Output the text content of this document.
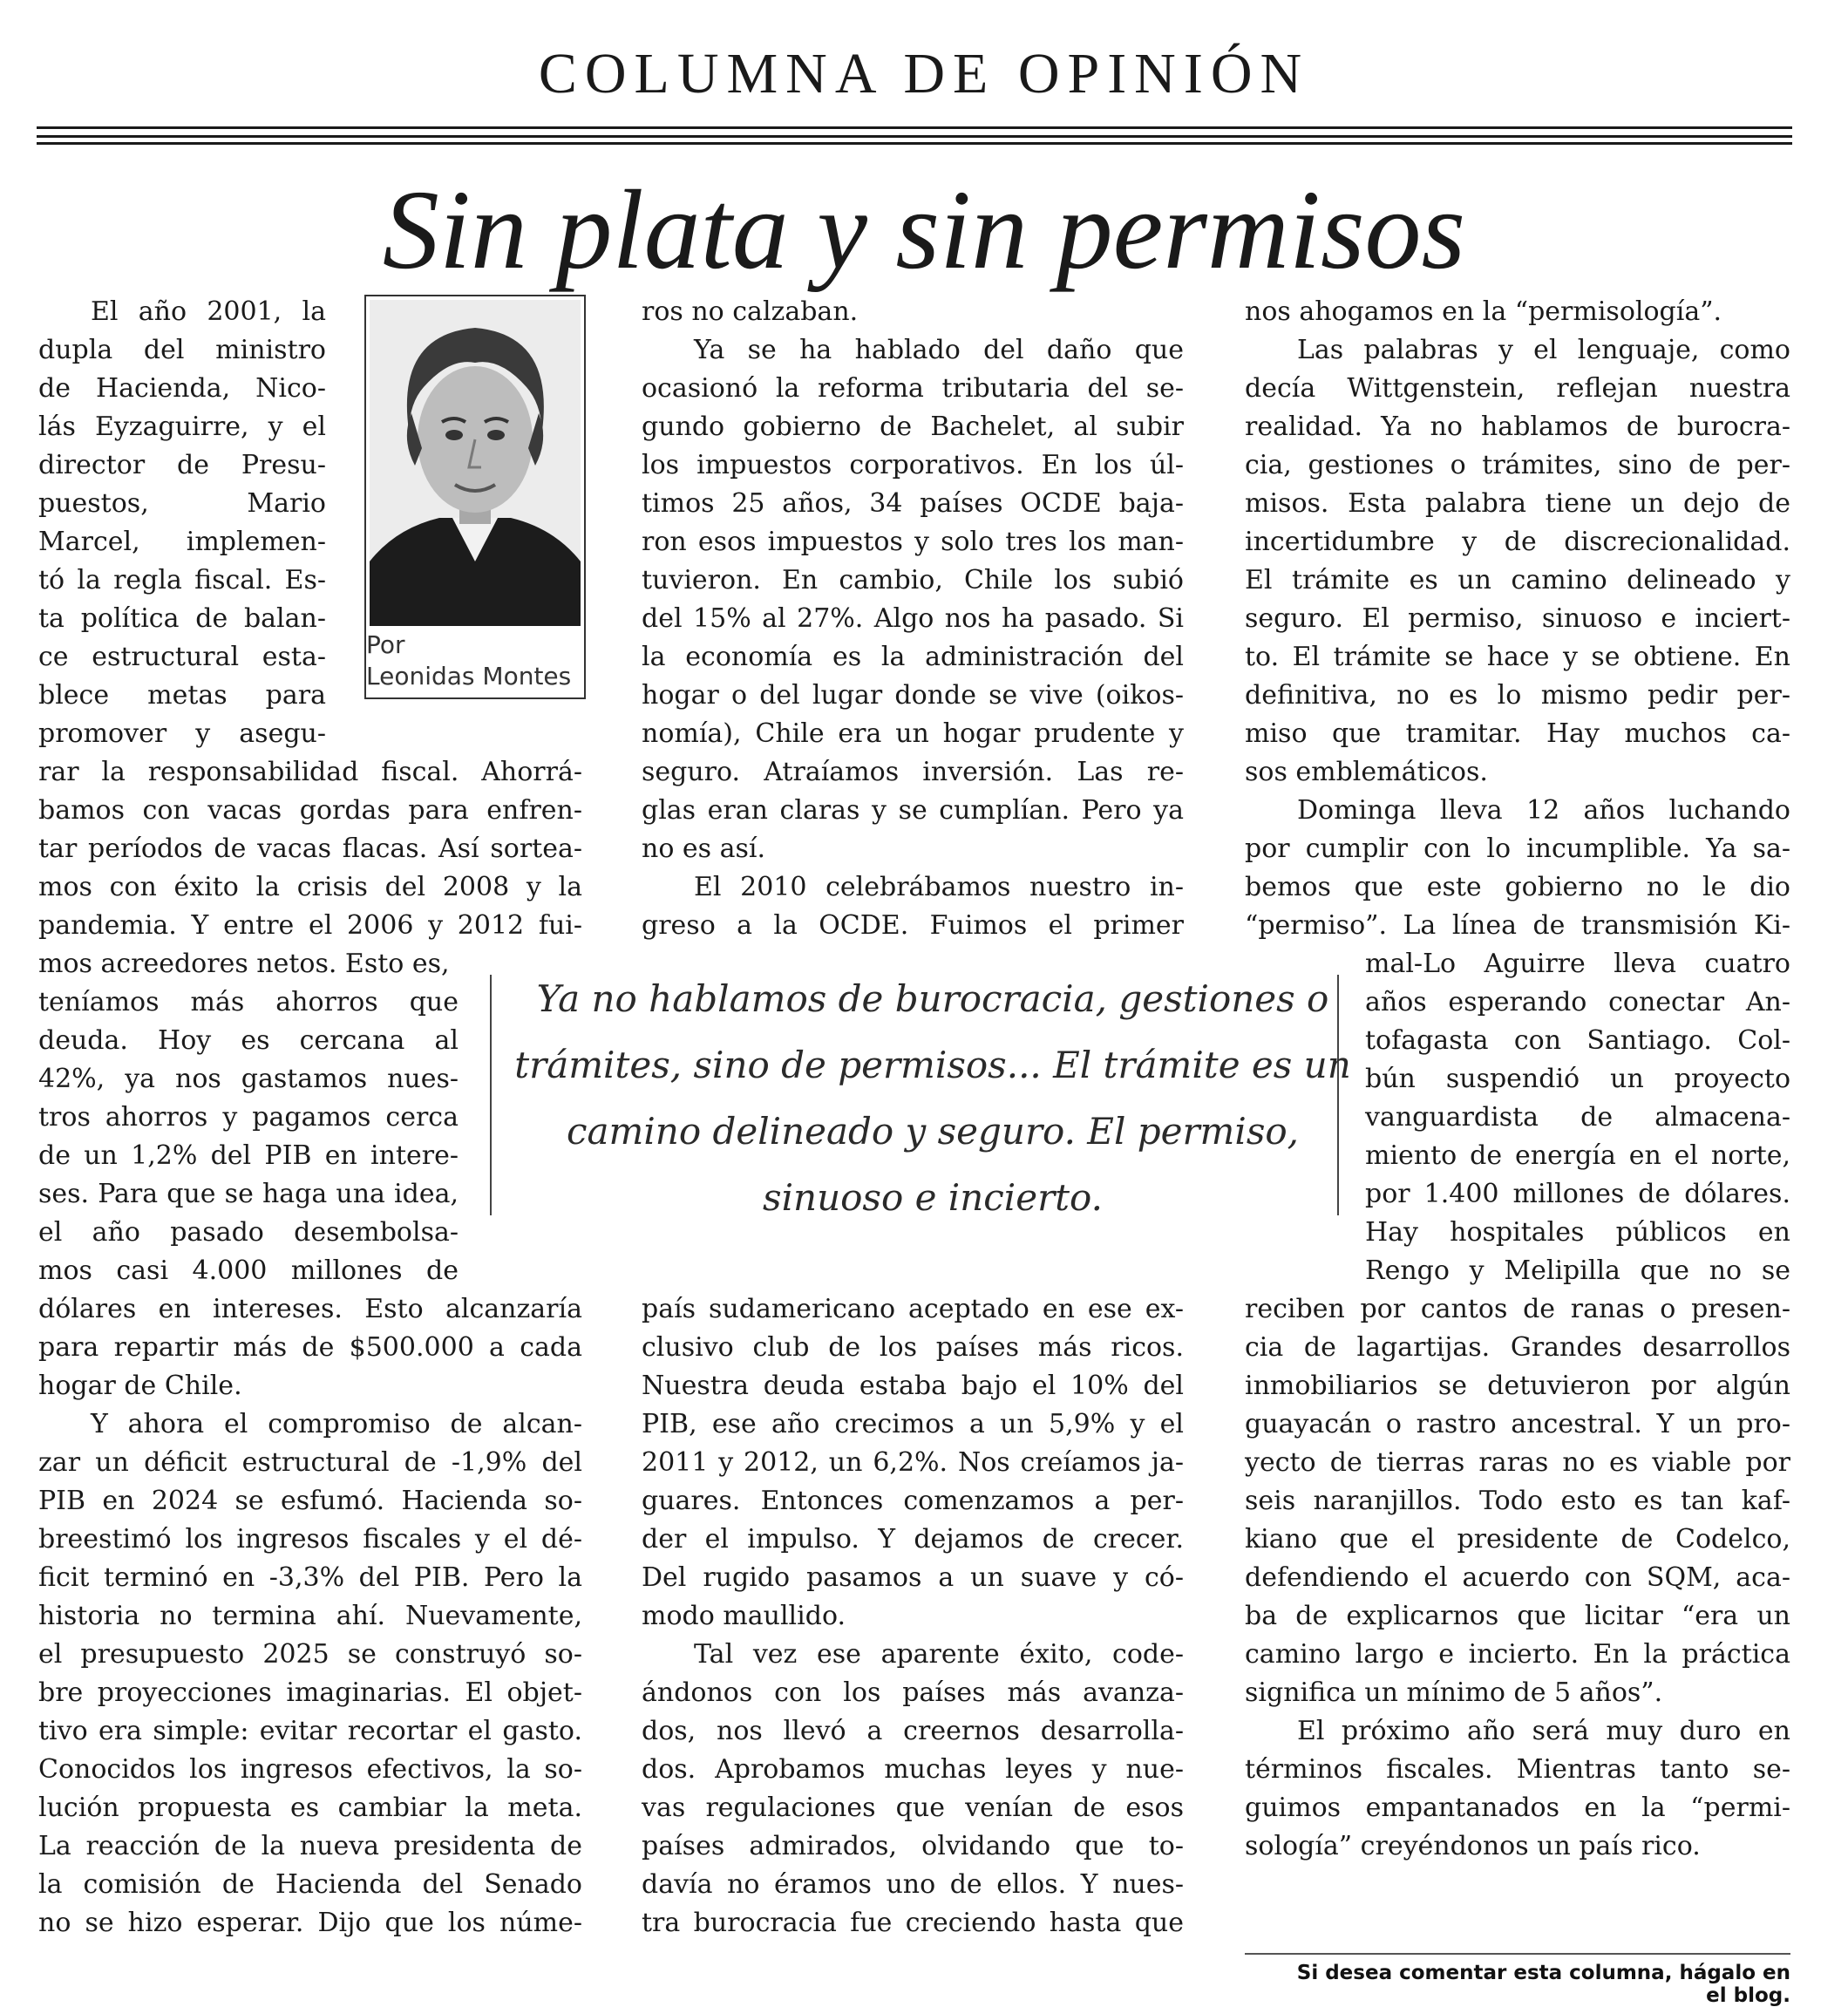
COLUMNA DE OPINIÓN
Sin plata y sin permisos
El año 2001, la
dupla del ministro
de Hacienda, Nico-
lás Eyzaguirre, y el
director de Presu-
puestos, Mario
Marcel, implemen-
tó la regla fiscal. Es-
ta política de balan-
ce estructural esta-
blece metas para
promover y asegu-
Por
Leonidas Montes
rar la responsabilidad fiscal. Ahorrá-
bamos con vacas gordas para enfren-
tar períodos de vacas flacas. Así sortea-
mos con éxito la crisis del 2008 y la
pandemia. Y entre el 2006 y 2012 fui-
mos acreedores netos. Esto es,
teníamos más ahorros que
deuda. Hoy es cercana al
42%, ya nos gastamos nues-
tros ahorros y pagamos cerca
de un 1,2% del PIB en intere-
ses. Para que se haga una idea,
el año pasado desembolsa-
mos casi 4.000 millones de
dólares en intereses. Esto alcanzaría
para repartir más de $500.000 a cada
hogar de Chile.
Y ahora el compromiso de alcan-
zar un déficit estructural de -1,9% del
PIB en 2024 se esfumó. Hacienda so-
breestimó los ingresos fiscales y el dé-
ficit terminó en -3,3% del PIB. Pero la
historia no termina ahí. Nuevamente,
el presupuesto 2025 se construyó so-
bre proyecciones imaginarias. El objet-
tivo era simple: evitar recortar el gasto.
Conocidos los ingresos efectivos, la so-
lución propuesta es cambiar la meta.
La reacción de la nueva presidenta de
la comisión de Hacienda del Senado
no se hizo esperar. Dijo que los núme-
ros no calzaban.
Ya se ha hablado del daño que
ocasionó la reforma tributaria del se-
gundo gobierno de Bachelet, al subir
los impuestos corporativos. En los úl-
timos 25 años, 34 países OCDE baja-
ron esos impuestos y solo tres los man-
tuvieron. En cambio, Chile los subió
del 15% al 27%. Algo nos ha pasado. Si
la economía es la administración del
hogar o del lugar donde se vive (oikos-
nomía), Chile era un hogar prudente y
seguro. Atraíamos inversión. Las re-
glas eran claras y se cumplían. Pero ya
no es así.
El 2010 celebrábamos nuestro in-
greso a la OCDE. Fuimos el primer
Ya no hablamos de burocracia, gestiones o
trámites, sino de permisos... El trámite es un
camino delineado y seguro. El permiso,
sinuoso e incierto.
país sudamericano aceptado en ese ex-
clusivo club de los países más ricos.
Nuestra deuda estaba bajo el 10% del
PIB, ese año crecimos a un 5,9% y el
2011 y 2012, un 6,2%. Nos creíamos ja-
guares. Entonces comenzamos a per-
der el impulso. Y dejamos de crecer.
Del rugido pasamos a un suave y có-
modo maullido.
Tal vez ese aparente éxito, code-
ándonos con los países más avanza-
dos, nos llevó a creernos desarrolla-
dos. Aprobamos muchas leyes y nue-
vas regulaciones que venían de esos
países admirados, olvidando que to-
davía no éramos uno de ellos. Y nues-
tra burocracia fue creciendo hasta que
nos ahogamos en la “permisología”.
Las palabras y el lenguaje, como
decía Wittgenstein, reflejan nuestra
realidad. Ya no hablamos de burocra-
cia, gestiones o trámites, sino de per-
misos. Esta palabra tiene un dejo de
incertidumbre y de discrecionalidad.
El trámite es un camino delineado y
seguro. El permiso, sinuoso e inciert-
to. El trámite se hace y se obtiene. En
definitiva, no es lo mismo pedir per-
miso que tramitar. Hay muchos ca-
sos emblemáticos.
Dominga lleva 12 años luchando
por cumplir con lo incumplible. Ya sa-
bemos que este gobierno no le dio
“permiso”. La línea de transmisión Ki-
mal-Lo Aguirre lleva cuatro
años esperando conectar An-
tofagasta con Santiago. Col-
bún suspendió un proyecto
vanguardista de almacena-
miento de energía en el norte,
por 1.400 millones de dólares.
Hay hospitales públicos en
Rengo y Melipilla que no se
reciben por cantos de ranas o presen-
cia de lagartijas. Grandes desarrollos
inmobiliarios se detuvieron por algún
guayacán o rastro ancestral. Y un pro-
yecto de tierras raras no es viable por
seis naranjillos. Todo esto es tan kaf-
kiano que el presidente de Codelco,
defendiendo el acuerdo con SQM, aca-
ba de explicarnos que licitar “era un
camino largo e incierto. En la práctica
significa un mínimo de 5 años”.
El próximo año será muy duro en
términos fiscales. Mientras tanto se-
guimos empantanados en la “permi-
sología” creyéndonos un país rico.
Si desea comentar esta columna, hágalo en el blog.
